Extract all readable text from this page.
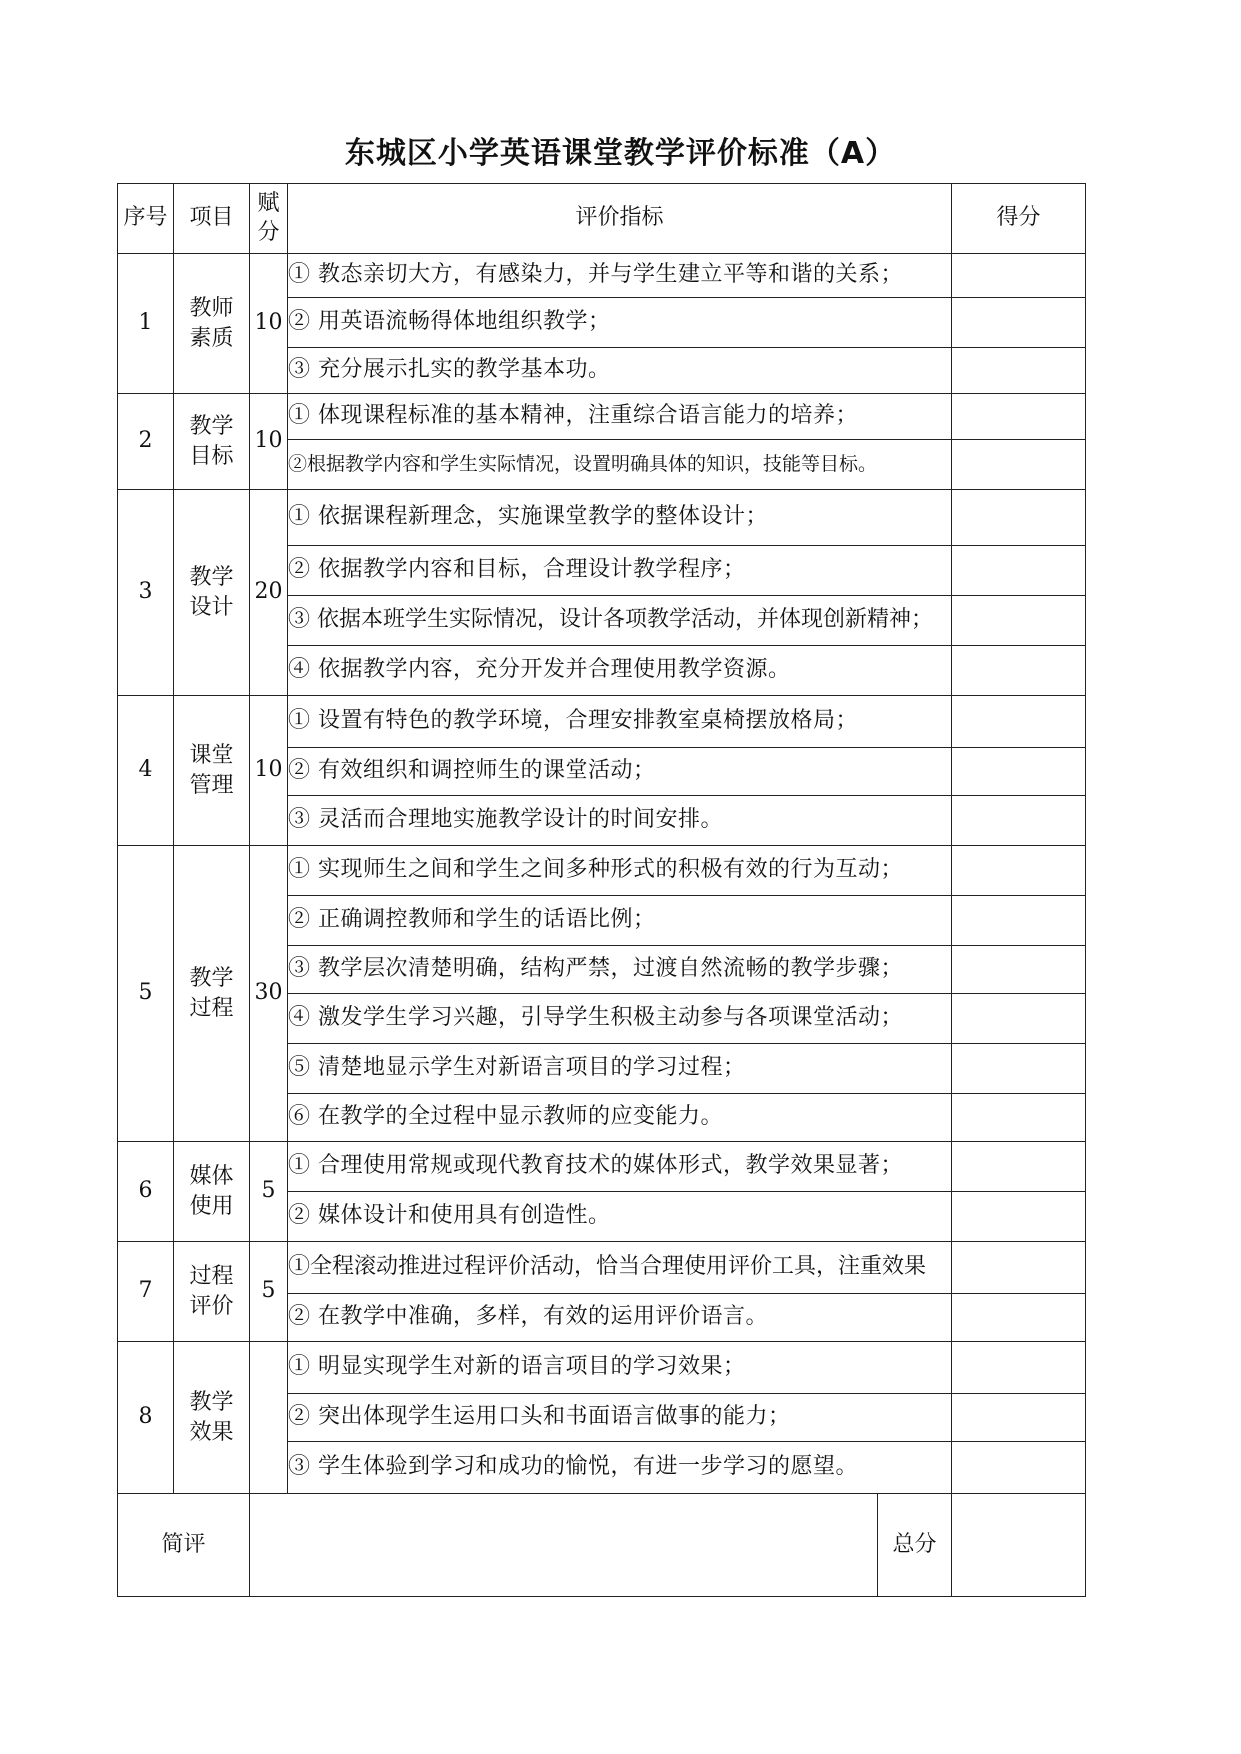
东城区小学英语课堂教学评价标准（A）
序号	项目	赋分	评价指标		得分
1	教师素质	10	① 教态亲切大方，有感染力，并与学生建立平等和谐的关系；		
			② 用英语流畅得体地组织教学；		
			③ 充分展示扎实的教学基本功。		
2	教学目标	10	① 体现课程标准的基本精神，注重综合语言能力的培养；		
			②根据教学内容和学生实际情况，设置明确具体的知识，技能等目标。		
3	教学设计	20	① 依据课程新理念，实施课堂教学的整体设计；		
			② 依据教学内容和目标，合理设计教学程序；		
			③ 依据本班学生实际情况，设计各项教学活动，并体现创新精神；		
			④ 依据教学内容，充分开发并合理使用教学资源。		
4	课堂管理	10	① 设置有特色的教学环境，合理安排教室桌椅摆放格局；		
			② 有效组织和调控师生的课堂活动；		
			③ 灵活而合理地实施教学设计的时间安排。		
5	教学过程	30	① 实现师生之间和学生之间多种形式的积极有效的行为互动；		
			② 正确调控教师和学生的话语比例；		
			③ 教学层次清楚明确，结构严禁，过渡自然流畅的教学步骤；		
			④ 激发学生学习兴趣，引导学生积极主动参与各项课堂活动；		
			⑤ 清楚地显示学生对新语言项目的学习过程；		
			⑥ 在教学的全过程中显示教师的应变能力。		
6	媒体使用	5	① 合理使用常规或现代教育技术的媒体形式，教学效果显著；		
			② 媒体设计和使用具有创造性。		
7	过程评价	5	①全程滚动推进过程评价活动，恰当合理使用评价工具，注重效果		
			② 在教学中准确，多样，有效的运用评价语言。		
8	教学效果		① 明显实现学生对新的语言项目的学习效果；		
			② 突出体现学生运用口头和书面语言做事的能力；		
			③ 学生体验到学习和成功的愉悦，有进一步学习的愿望。		
简评				总分	
